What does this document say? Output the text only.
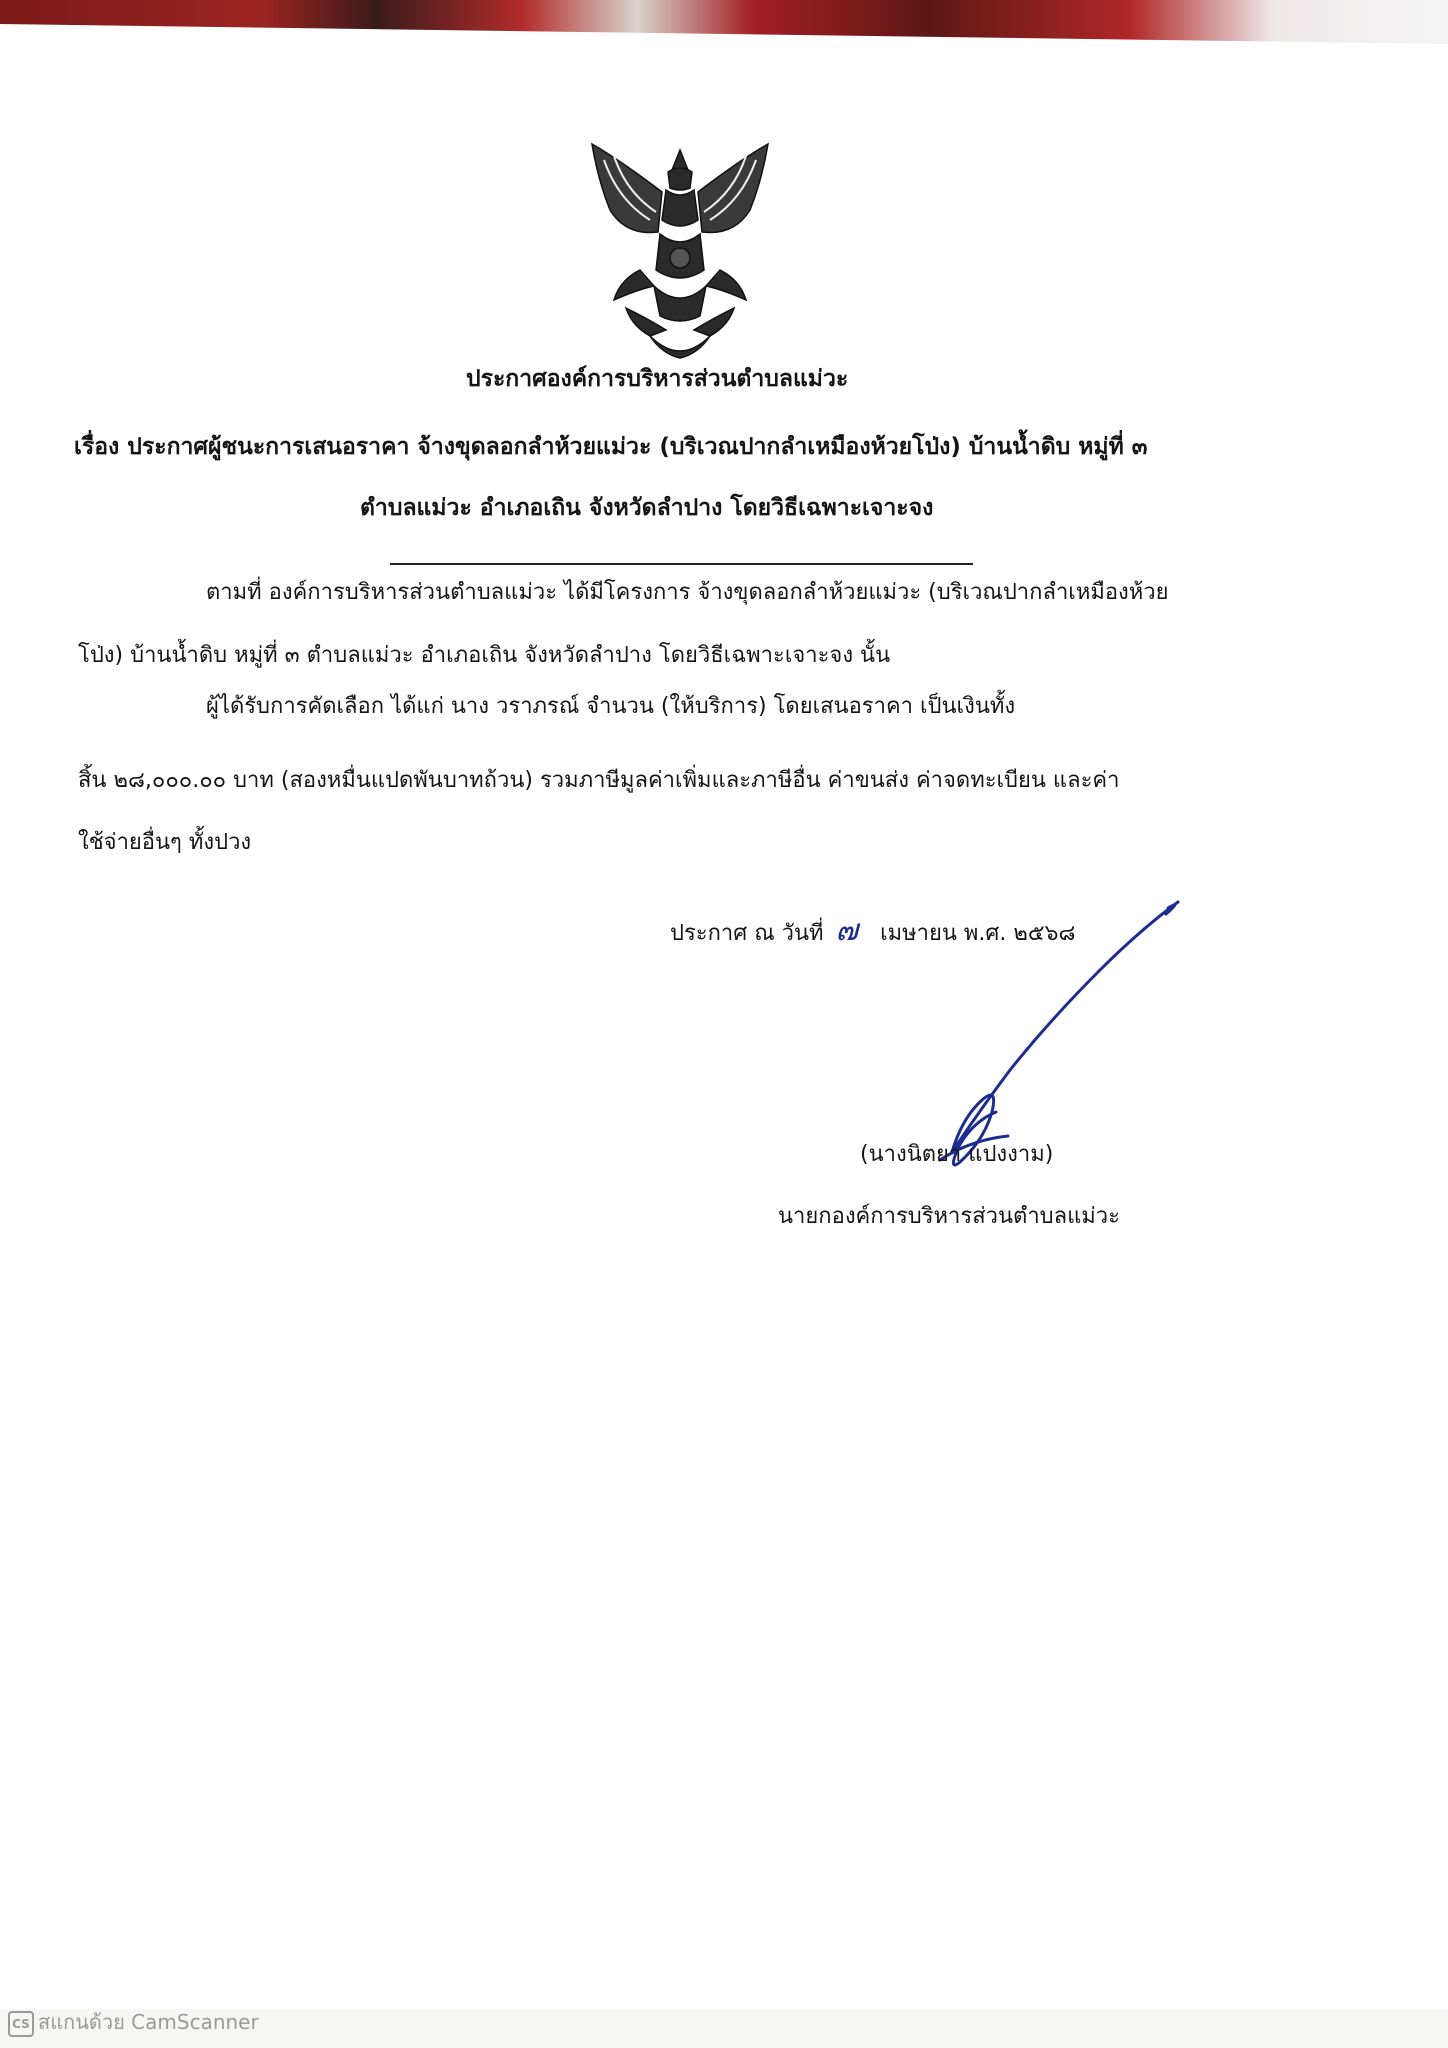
ประกาศองค์การบริหารส่วนตำบลแม่วะ
เรื่อง ประกาศผู้ชนะการเสนอราคา จ้างขุดลอกลำห้วยแม่วะ (บริเวณปากลำเหมืองห้วยโป่ง) บ้านน้ำดิบ หมู่ที่ ๓
ตำบลแม่วะ อำเภอเถิน จังหวัดลำปาง โดยวิธีเฉพาะเจาะจง
ตามที่ องค์การบริหารส่วนตำบลแม่วะ ได้มีโครงการ จ้างขุดลอกลำห้วยแม่วะ (บริเวณปากลำเหมืองห้วย
โป่ง) บ้านน้ำดิบ หมู่ที่ ๓ ตำบลแม่วะ อำเภอเถิน จังหวัดลำปาง โดยวิธีเฉพาะเจาะจง นั้น
ผู้ได้รับการคัดเลือก ได้แก่ นาง วราภรณ์ จำนวน (ให้บริการ) โดยเสนอราคา เป็นเงินทั้ง
สิ้น ๒๘,๐๐๐.๐๐ บาท (สองหมื่นแปดพันบาทถ้วน) รวมภาษีมูลค่าเพิ่มและภาษีอื่น ค่าขนส่ง ค่าจดทะเบียน และค่า
ใช้จ่ายอื่นๆ ทั้งปวง
ประกาศ ณ วันที่ ๗ เมษายน พ.ศ. ๒๕๖๘
(นางนิตยา แปงงาม)
นายกองค์การบริหารส่วนตำบลแม่วะ
CS สแกนด้วย CamScanner
